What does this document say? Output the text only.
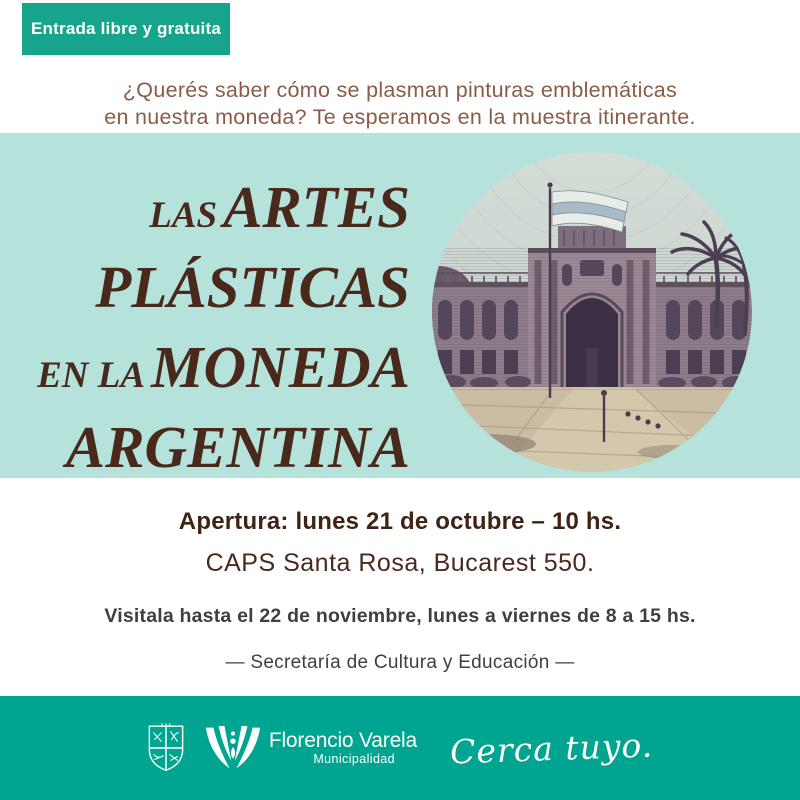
Entrada libre y gratuita
¿Querés saber cómo se plasman pinturas emblemáticas
en nuestra moneda? Te esperamos en la muestra itinerante.
LAS ARTES
PLÁSTICAS
EN LA MONEDA
ARGENTINA
Apertura: lunes 21 de octubre – 10 hs.
CAPS Santa Rosa, Bucarest 550.
Visitala hasta el 22 de noviembre, lunes a viernes de 8 a 15 hs.
— Secretaría de Cultura y Educación —
Florencio Varela
Municipalidad Cerca tuyo.
